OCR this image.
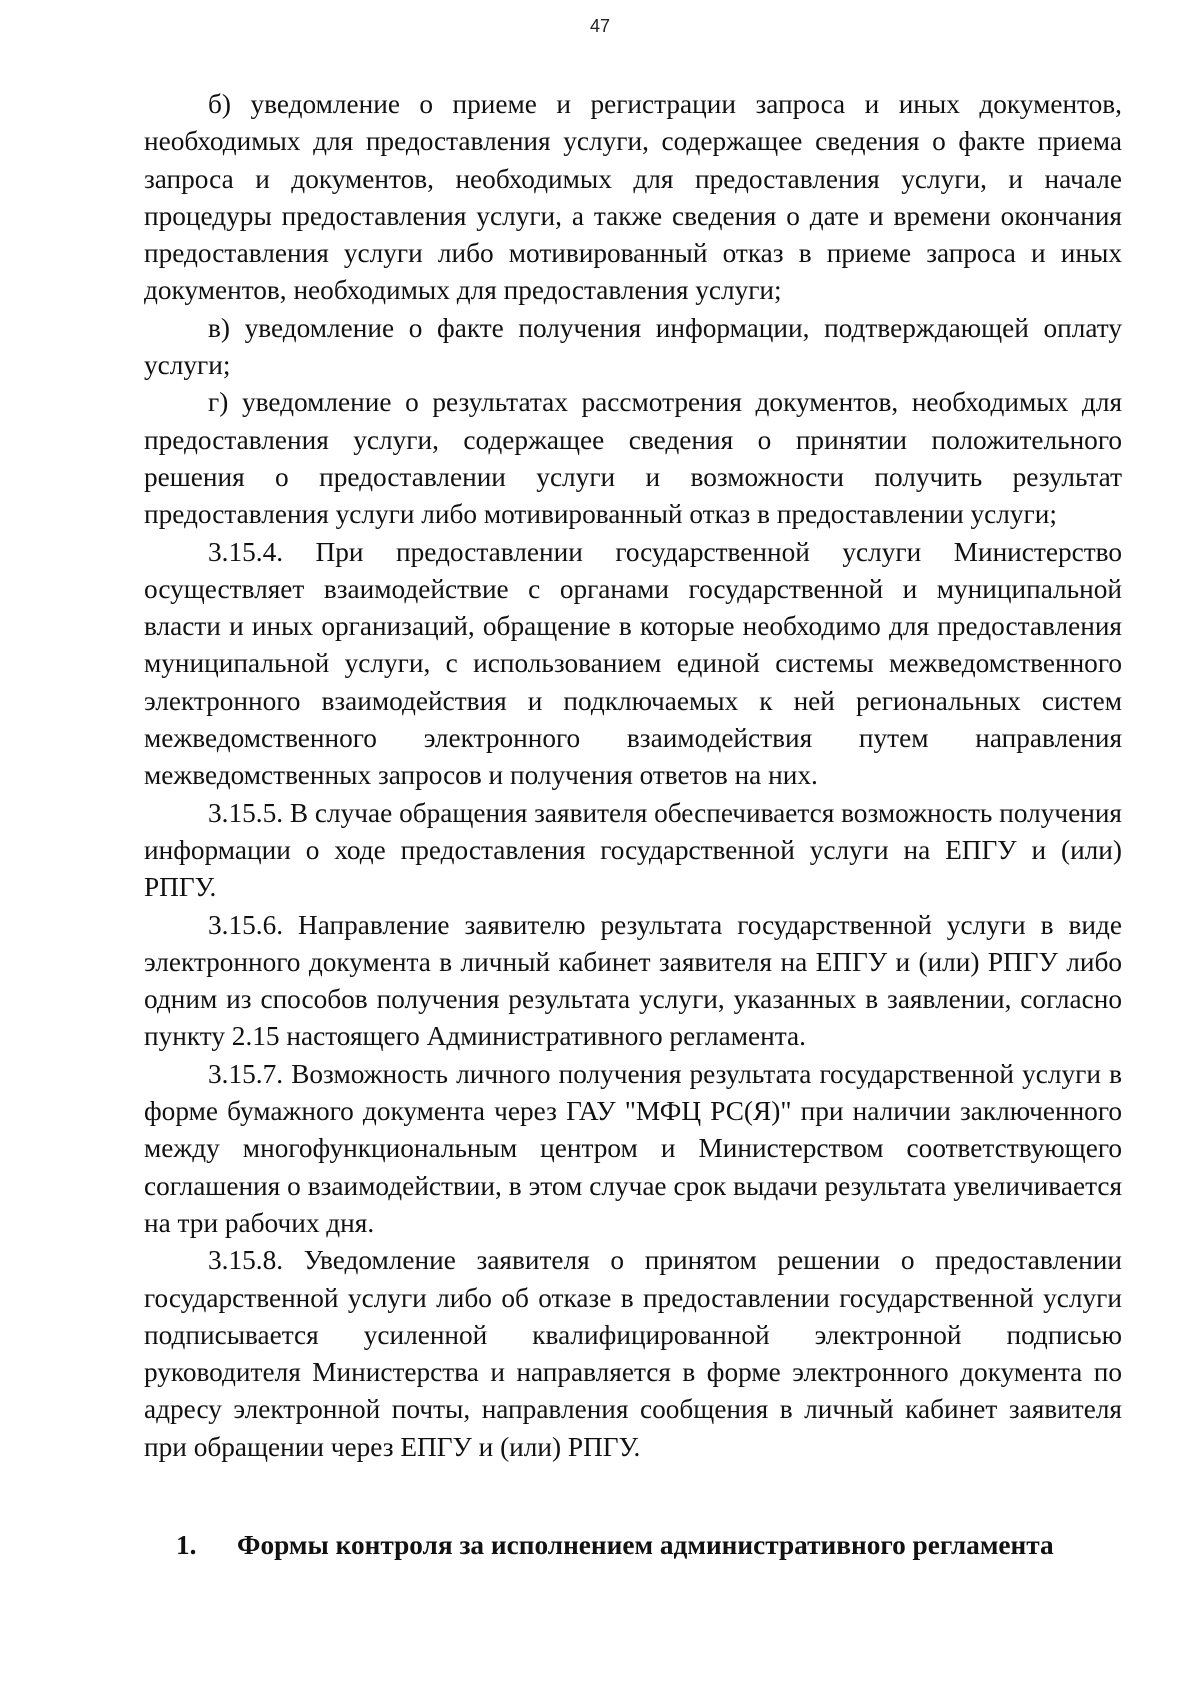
47

б) уведомление о приеме и регистрации запроса и иных документов, необходимых для предоставления услуги, содержащее сведения о факте приема запроса и документов, необходимых для предоставления услуги, и начале процедуры предоставления услуги, а также сведения о дате и времени окончания предоставления услуги либо мотивированный отказ в приеме запроса и иных документов, необходимых для предоставления услуги;

в) уведомление о факте получения информации, подтверждающей оплату услуги;

г) уведомление о результатах рассмотрения документов, необходимых для предоставления услуги, содержащее сведения о принятии положительного решения о предоставлении услуги и возможности получить результат предоставления услуги либо мотивированный отказ в предоставлении услуги;

3.15.4. При предоставлении государственной услуги Министерство осуществляет взаимодействие с органами государственной и муниципальной власти и иных организаций, обращение в которые необходимо для предоставления муниципальной услуги, с использованием единой системы межведомственного электронного взаимодействия и подключаемых к ней региональных систем межведомственного электронного взаимодействия путем направления межведомственных запросов и получения ответов на них.

3.15.5. В случае обращения заявителя обеспечивается возможность получения информации о ходе предоставления государственной услуги на ЕПГУ и (или) РПГУ.

3.15.6. Направление заявителю результата государственной услуги в виде электронного документа в личный кабинет заявителя на ЕПГУ и (или) РПГУ либо одним из способов получения результата услуги, указанных в заявлении, согласно пункту 2.15 настоящего Административного регламента.

3.15.7. Возможность личного получения результата государственной услуги в форме бумажного документа через ГАУ "МФЦ РС(Я)" при наличии заключенного между многофункциональным центром и Министерством соответствующего соглашения о взаимодействии, в этом случае срок выдачи результата увеличивается на три рабочих дня.

3.15.8. Уведомление заявителя о принятом решении о предоставлении государственной услуги либо об отказе в предоставлении государственной услуги подписывается усиленной квалифицированной электронной подписью руководителя Министерства и направляется в форме электронного документа по адресу электронной почты, направления сообщения в личный кабинет заявителя при обращении через ЕПГУ и (или) РПГУ.

1. Формы контроля за исполнением административного регламента
